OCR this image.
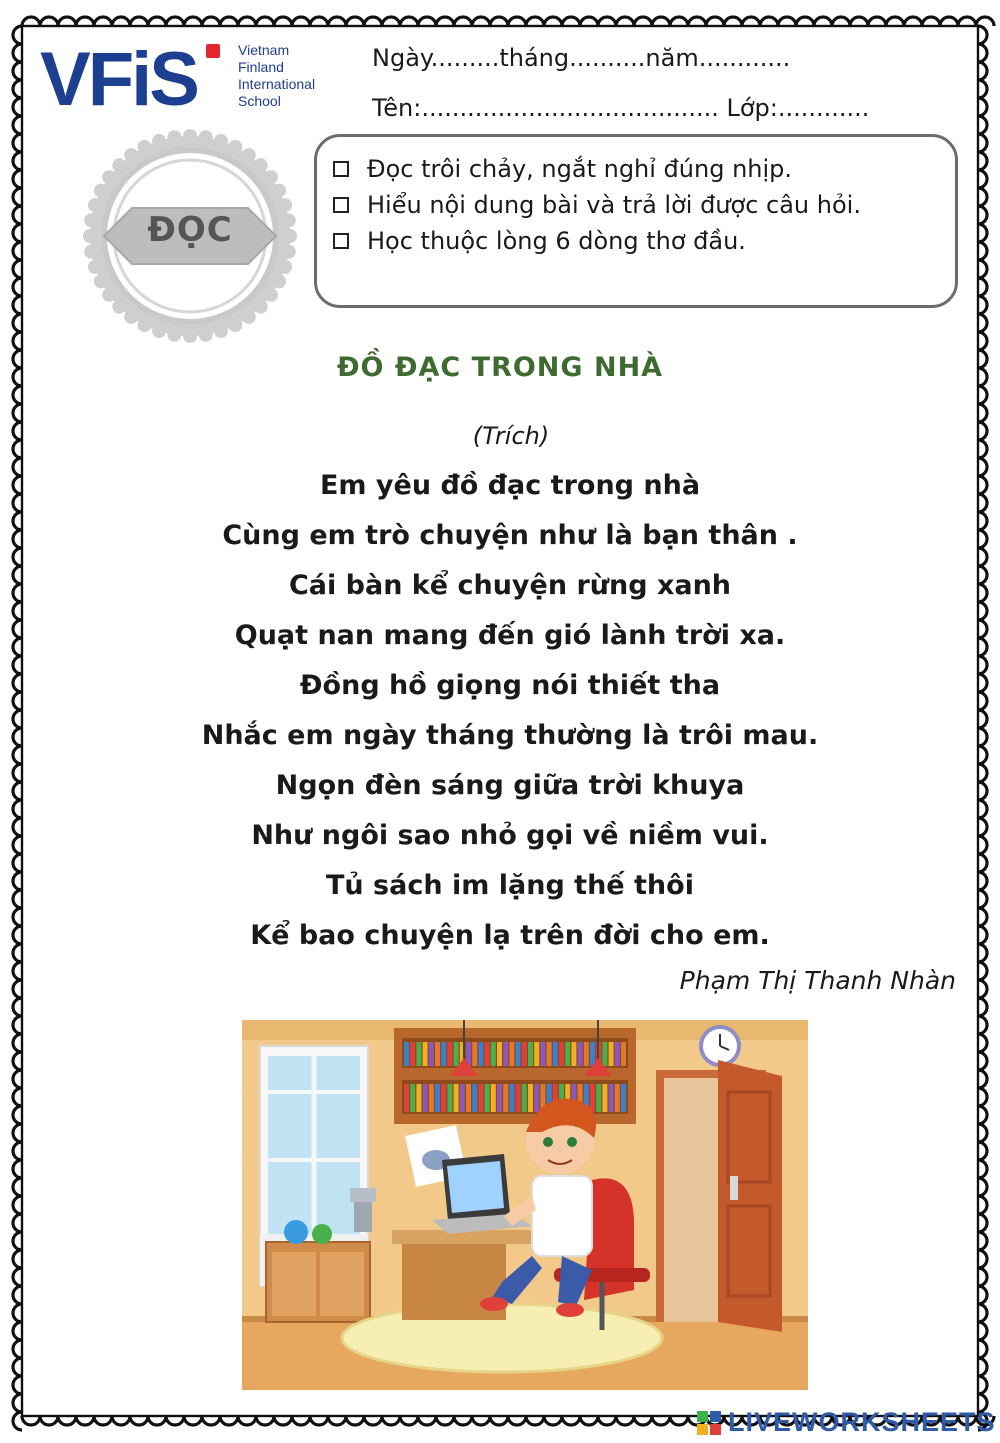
VFiS	Vietnam
Finland
International
School
Ngày.........tháng..........năm............
Tên:....................................... Lớp:............
ĐỌC
Đọc trôi chảy, ngắt nghỉ đúng nhịp.
Hiểu nội dung bài và trả lời được câu hỏi.
Học thuộc lòng 6 dòng thơ đầu.
ĐỒ ĐẠC TRONG NHÀ
(Trích)
Em yêu đồ đạc trong nhà
Cùng em trò chuyện như là bạn thân .
Cái bàn kể chuyện rừng xanh
Quạt nan mang đến gió lành trời xa.
Đồng hồ giọng nói thiết tha
Nhắc em ngày tháng thường là trôi mau.
Ngọn đèn sáng giữa trời khuya
Như ngôi sao nhỏ gọi về niềm vui.
Tủ sách im lặng thế thôi
Kể bao chuyện lạ trên đời cho em.
Phạm Thị Thanh Nhàn
LIVEWORKSHEETS
